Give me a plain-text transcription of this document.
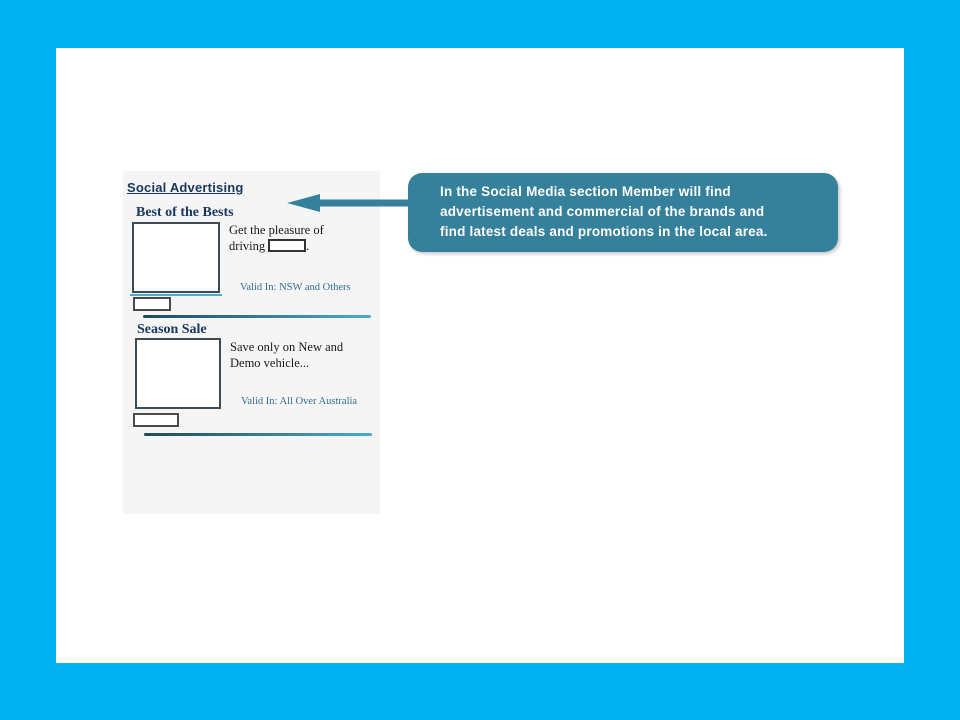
Social Advertising
Best of the Bests
Get the pleasure of
driving	.
Valid In: NSW and Others
Season Sale
Save only on New and
Demo vehicle...
Valid In: All Over Australia
In the Social Media section Member will find
advertisement and commercial of the brands and
find latest deals and promotions in the local area.
